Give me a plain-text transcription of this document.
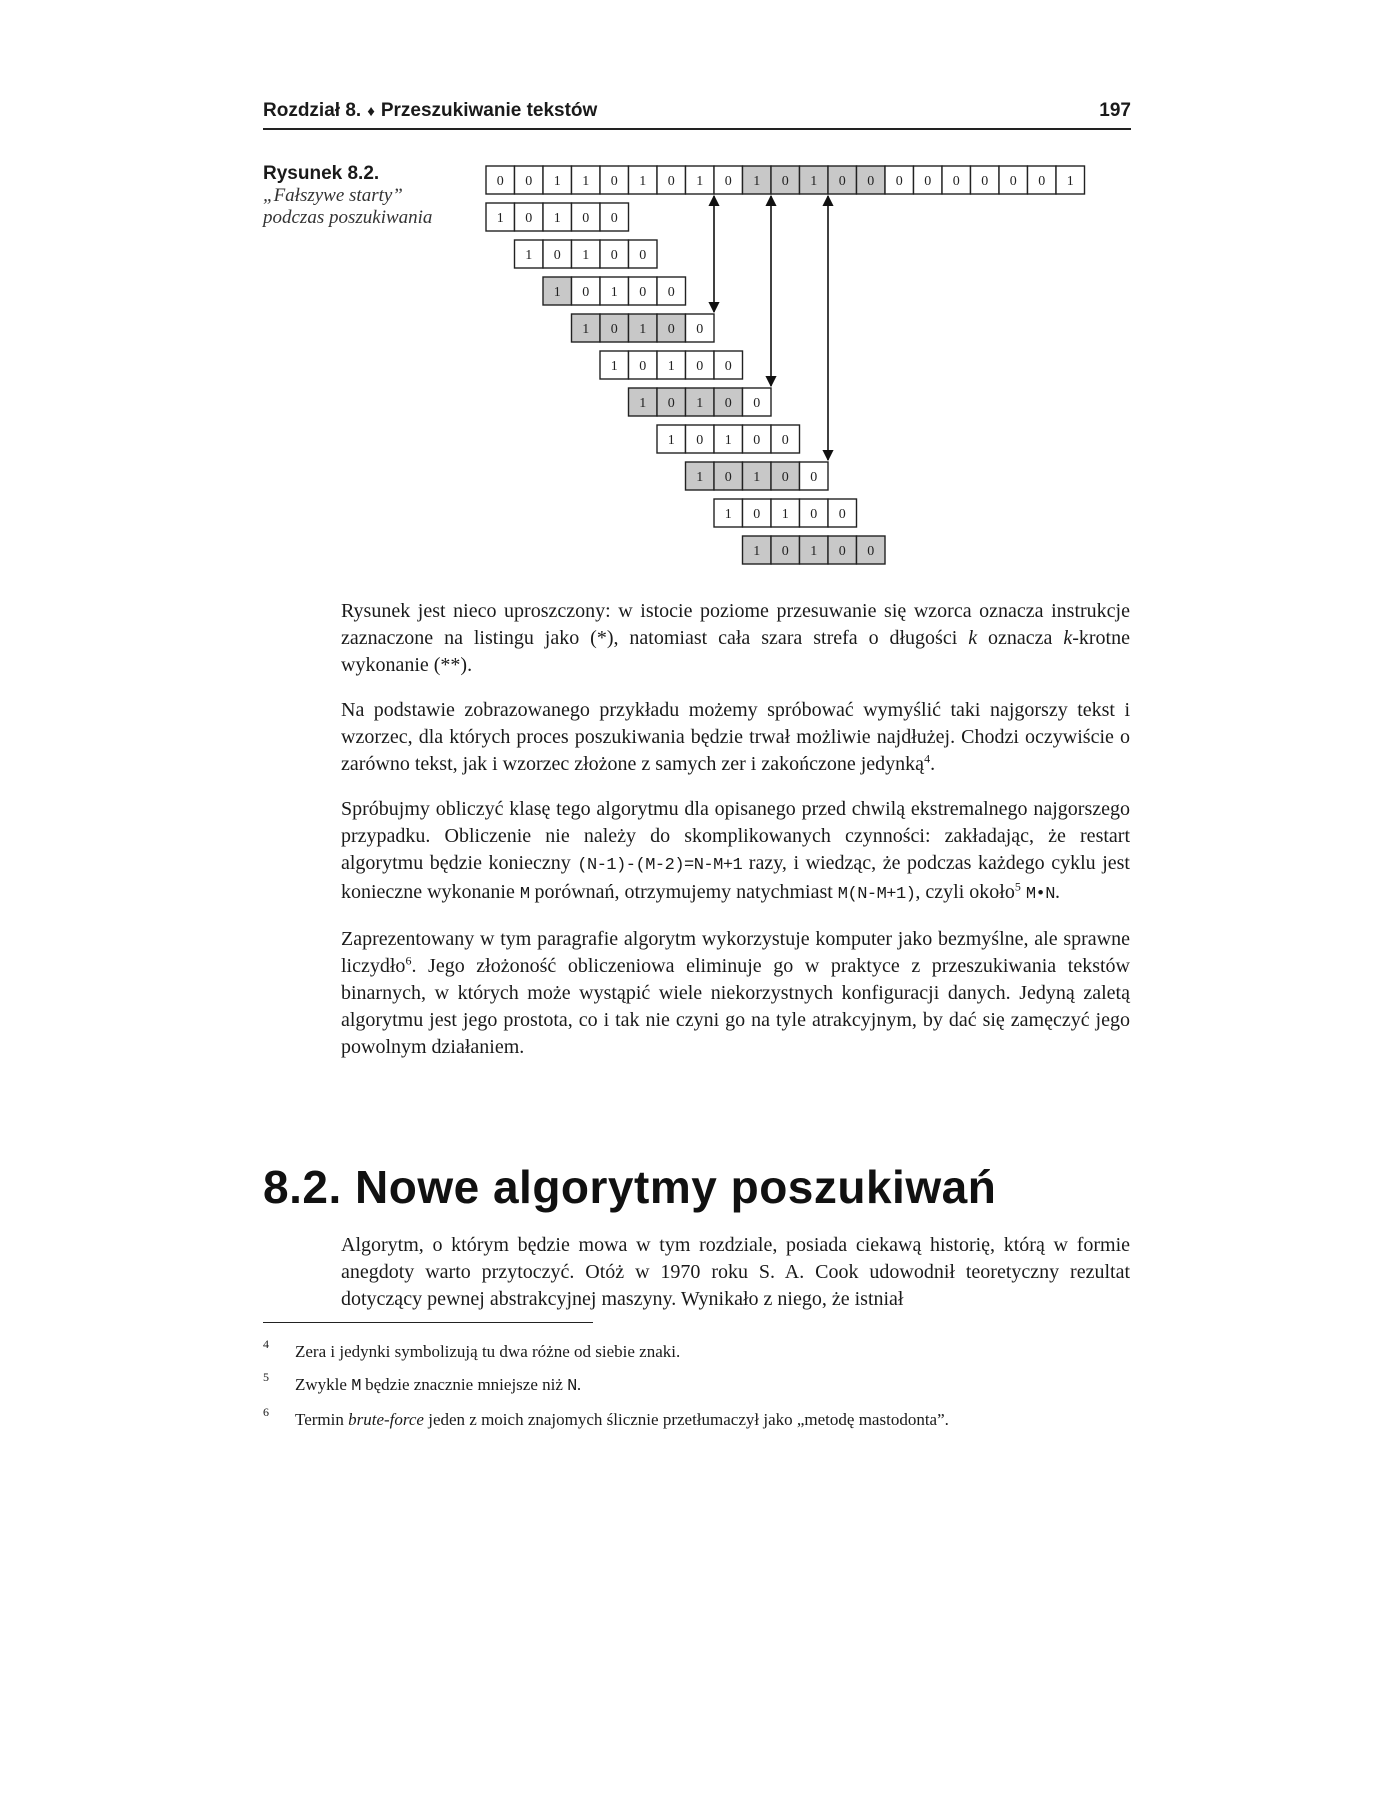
Rozdział 8. ♦ Przeszukiwanie tekstów	197
Rysunek 8.2.
„Fałszywe starty”
podczas poszukiwania
0 0 1 1 0 1 0 1 0 1 0 1 0 0 0 0 0 0 0 0 1
1 0 1 0 0
1 0 1 0 0
1 0 1 0 0
1 0 1 0 0
1 0 1 0 0
1 0 1 0 0
1 0 1 0 0
1 0 1 0 0
1 0 1 0 0
1 0 1 0 0

Rysunek jest nieco uproszczony: w istocie poziome przesuwanie się wzorca oznacza instrukcje zaznaczone na listingu jako (*), natomiast cała szara strefa o długości k oznacza k-krotne wykonanie (**).

Na podstawie zobrazowanego przykładu możemy spróbować wymyślić taki najgorszy tekst i wzorzec, dla których proces poszukiwania będzie trwał możliwie najdłużej. Chodzi oczywiście o zarówno tekst, jak i wzorzec złożone z samych zer i zakończone jedynką$^4$.

Spróbujmy obliczyć klasę tego algorytmu dla opisanego przed chwilą ekstremalnego najgorszego przypadku. Obliczenie nie należy do skomplikowanych czynności: zakładając, że restart algorytmu będzie konieczny (N-1)-(M-2)=N-M+1 razy, i wiedząc, że podczas każdego cyklu jest konieczne wykonanie M porównań, otrzymujemy natychmiast M(N-M+1), czyli około$^5$ M•N.

Zaprezentowany w tym paragrafie algorytm wykorzystuje komputer jako bezmyślne, ale sprawne liczydło$^6$. Jego złożoność obliczeniowa eliminuje go w praktyce z przeszukiwania tekstów binarnych, w których może wystąpić wiele niekorzystnych konfiguracji danych. Jedyną zaletą algorytmu jest jego prostota, co i tak nie czyni go na tyle atrakcyjnym, by dać się zamęczyć jego powolnym działaniem.

8.2. Nowe algorytmy poszukiwań

Algorytm, o którym będzie mowa w tym rozdziale, posiada ciekawą historię, którą w formie anegdoty warto przytoczyć. Otóż w 1970 roku S. A. Cook udowodnił teoretyczny rezultat dotyczący pewnej abstrakcyjnej maszyny. Wynikało z niego, że istniał

4 Zera i jedynki symbolizują tu dwa różne od siebie znaki.
5 Zwykle M będzie znacznie mniejsze niż N.
6 Termin brute-force jeden z moich znajomych ślicznie przetłumaczył jako „metodę mastodonta”.
